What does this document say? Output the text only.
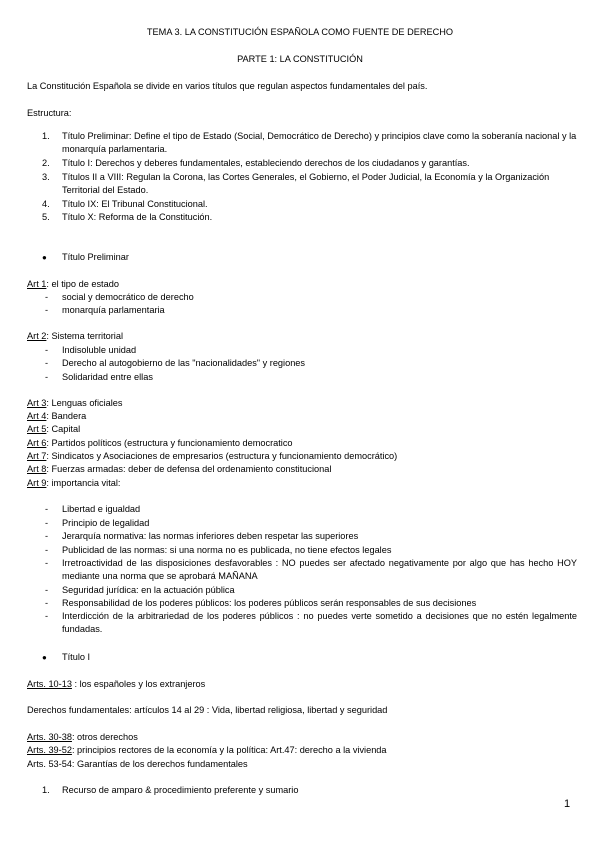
TEMA 3. LA CONSTITUCIÓN ESPAÑOLA COMO FUENTE DE DERECHO
PARTE 1: LA CONSTITUCIÓN
La Constitución Española se divide en varios títulos que regulan aspectos fundamentales del país.
Estructura:
1.	Título Preliminar: Define el tipo de Estado (Social, Democrático de Derecho) y principios clave como la soberanía nacional y la monarquía parlamentaria.
2.	Título I: Derechos y deberes fundamentales, estableciendo derechos de los ciudadanos y garantías.
3.	Títulos II a VIII: Regulan la Corona, las Cortes Generales, el Gobierno, el Poder Judicial, la Economía y la Organización Territorial del Estado.
4.	Título IX: El Tribunal Constitucional.
5.	Título X: Reforma de la Constitución.
● Título Preliminar
Art 1: el tipo de estado
- social y democrático de derecho
- monarquía parlamentaria
Art 2: Sistema territorial
- Indisoluble unidad
- Derecho al autogobierno de las "nacionalidades" y regiones
- Solidaridad entre ellas
Art 3: Lenguas oficiales
Art 4: Bandera
Art 5: Capital
Art 6: Partidos políticos (estructura y funcionamiento democratico
Art 7: Sindicatos y Asociaciones de empresarios (estructura y funcionamiento democrático)
Art 8: Fuerzas armadas: deber de defensa del ordenamiento constitucional
Art 9: importancia vital:
- Libertad e igualdad
- Principio de legalidad
- Jerarquía normativa: las normas inferiores deben respetar las superiores
- Publicidad de las normas: si una norma no es publicada, no tiene efectos legales
- Irretroactividad de las disposiciones desfavorables : NO puedes ser afectado negativamente por algo que has hecho HOY mediante una norma que se aprobará MAÑANA
- Seguridad jurídica: en la actuación pública
- Responsabilidad de los poderes públicos: los poderes públicos serán responsables de sus decisiones
- Interdicción de la arbitrariedad de los poderes públicos : no puedes verte sometido a decisiones que no estén legalmente fundadas.
● Título I
Arts. 10-13 : los españoles y los extranjeros
Derechos fundamentales: artículos 14 al 29 : Vida, libertad religiosa, libertad y seguridad
Arts. 30-38: otros derechos
Arts. 39-52: principios rectores de la economía y la política: Art.47: derecho a la vivienda
Arts. 53-54: Garantías de los derechos fundamentales
1.	Recurso de amparo & procedimiento preferente y sumario
1
